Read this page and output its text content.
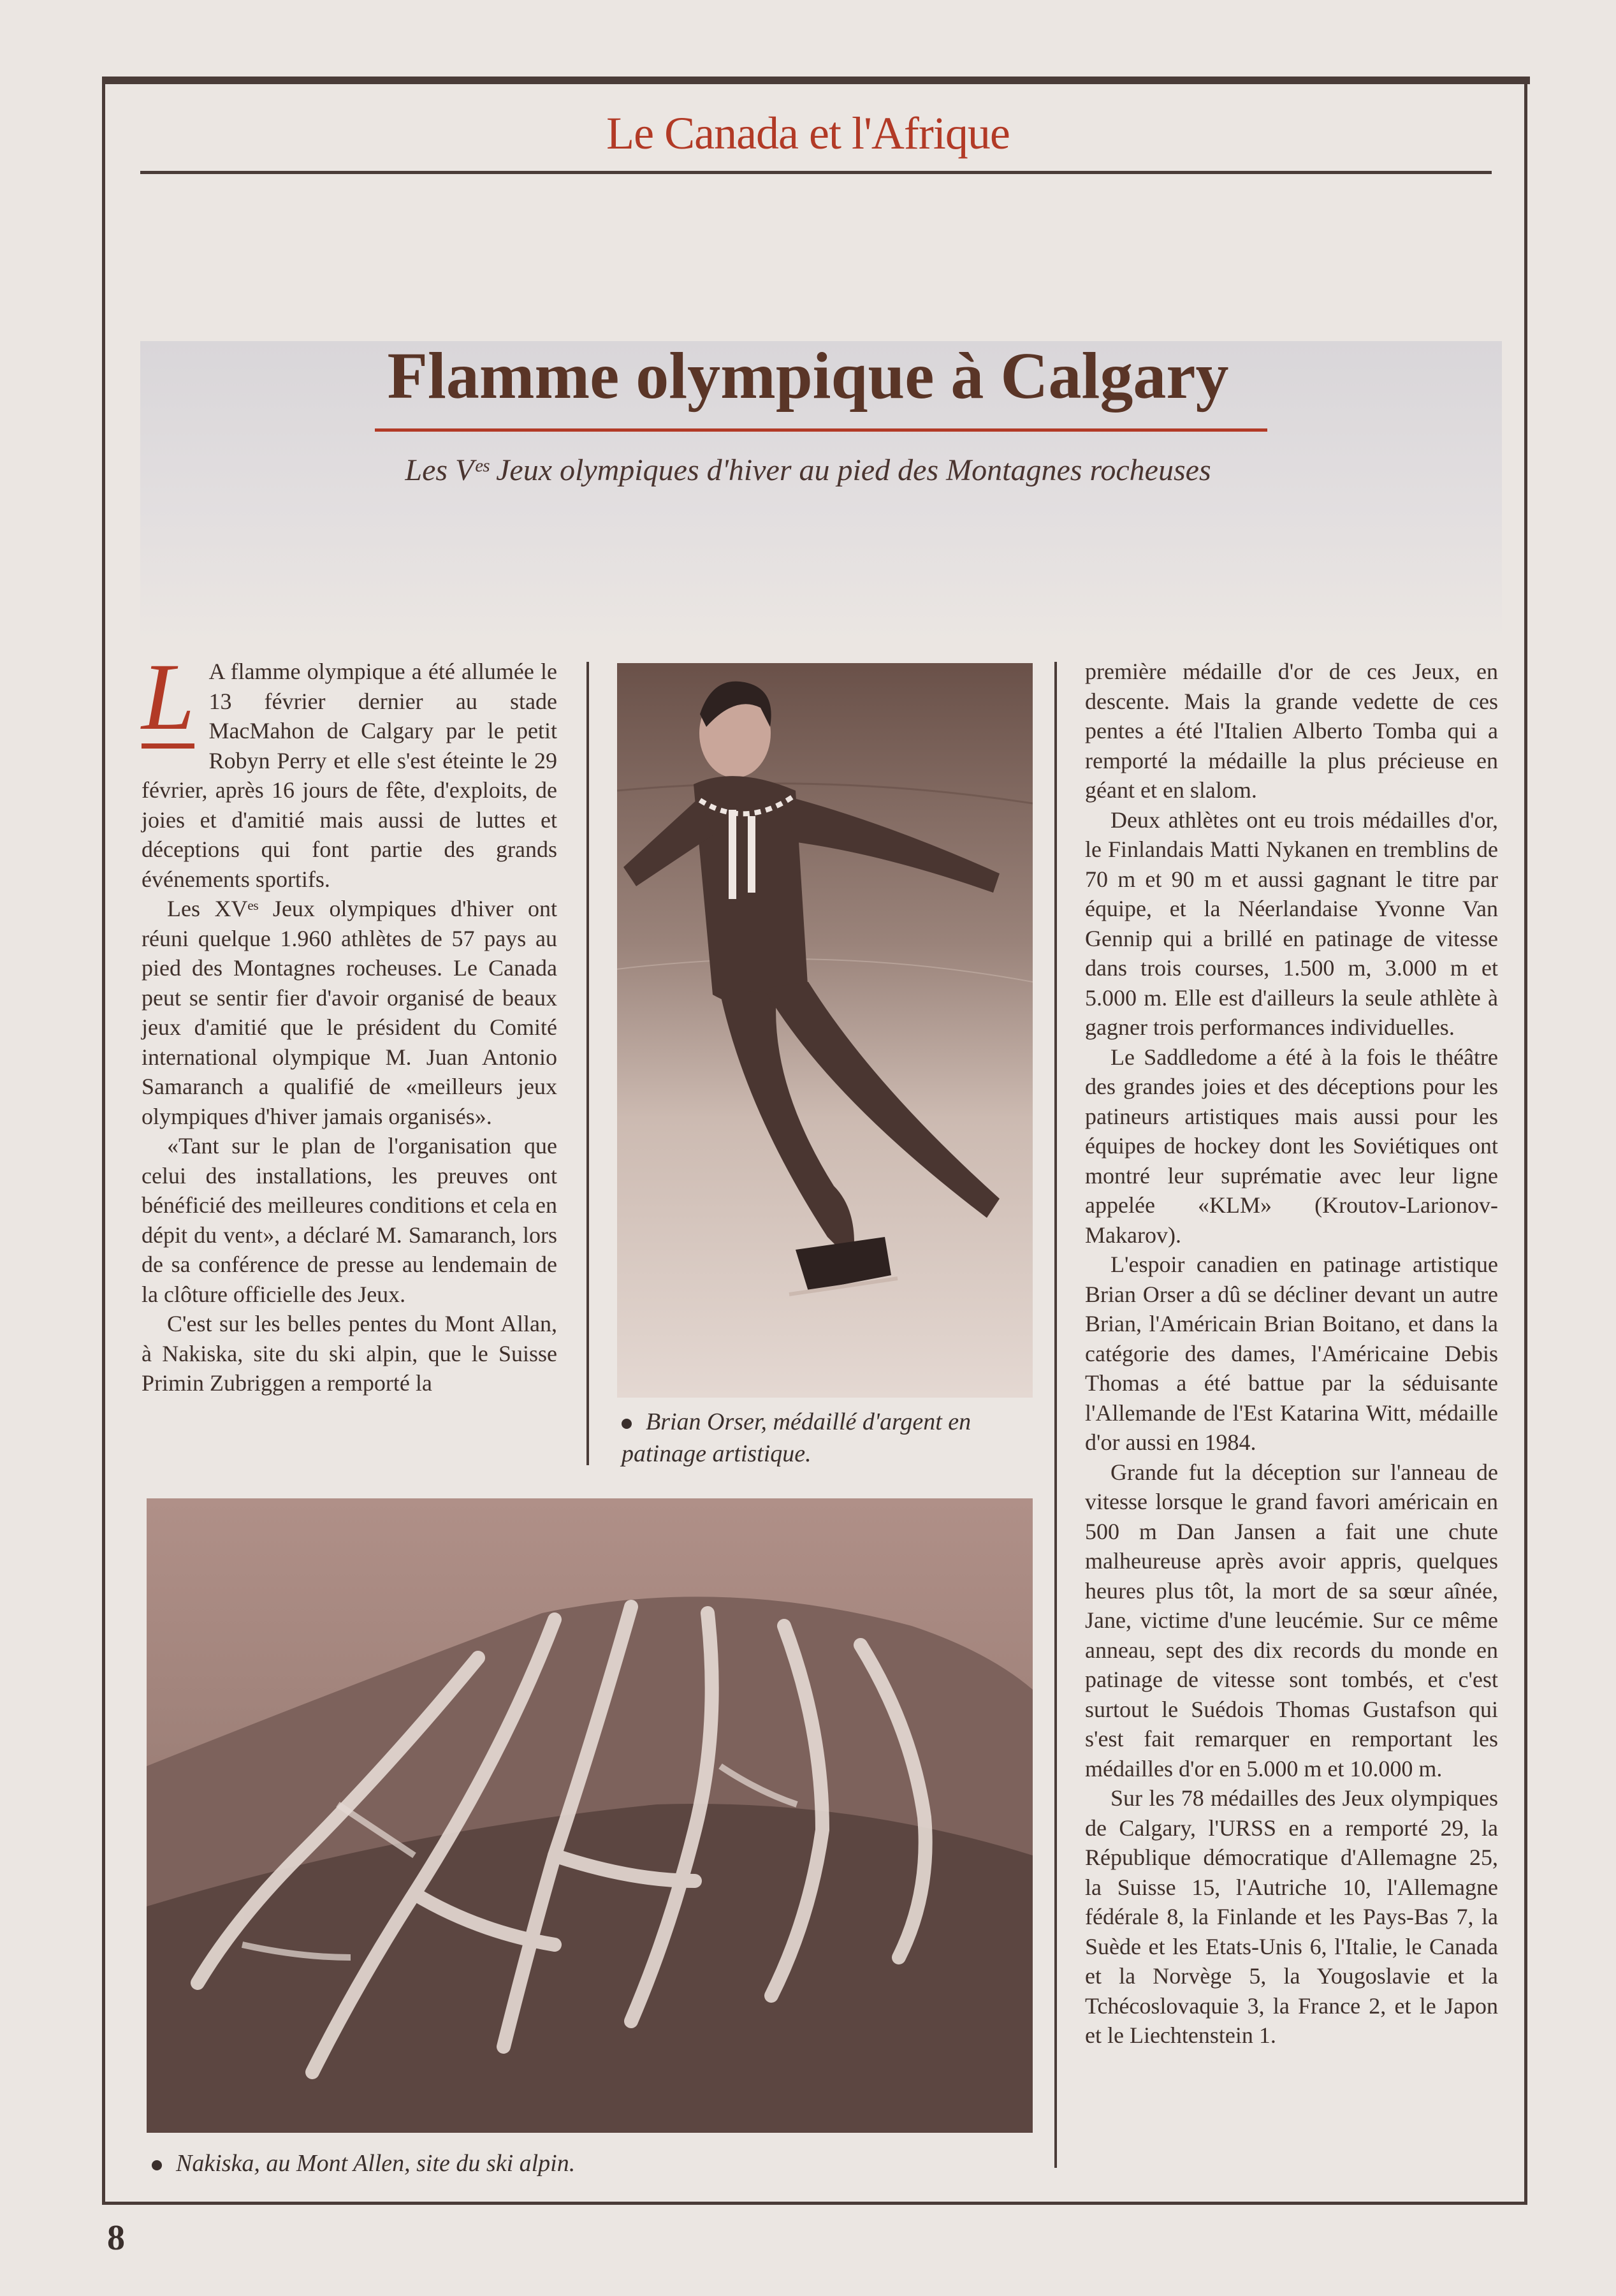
Le Canada et l'Afrique
Flamme olympique à Calgary
Les Vᵉˢ Jeux olympiques d'hiver au pied des Montagnes rocheuses

L A flamme olympique a été allumée le 13 février dernier au stade MacMahon de Calgary par le petit Robyn Perry et elle s'est éteinte le 29 février, après 16 jours de fête, d'exploits, de joies et d'amitié mais aussi de luttes et déceptions qui font partie des grands événements sportifs.

Les XVᵉˢ Jeux olympiques d'hiver ont réuni quelque 1.960 athlètes de 57 pays au pied des Montagnes rocheuses. Le Canada peut se sentir fier d'avoir organisé de beaux jeux d'amitié que le président du Comité international olympique M. Juan Antonio Samaranch a qualifié de «meilleurs jeux olympiques d'hiver jamais organisés».

«Tant sur le plan de l'organisation que celui des installations, les preuves ont bénéficié des meilleures conditions et cela en dépit du vent», a déclaré M. Samaranch, lors de sa conférence de presse au lendemain de la clôture officielle des Jeux.

C'est sur les belles pentes du Mont Allan, à Nakiska, site du ski alpin, que le Suisse Primin Zubriggen a remporté la

Brian Orser, médaillé d'argent en patinage artistique.

première médaille d'or de ces Jeux, en descente. Mais la grande vedette de ces pentes a été l'Italien Alberto Tomba qui a remporté la médaille la plus précieuse en géant et en slalom.

Deux athlètes ont eu trois médailles d'or, le Finlandais Matti Nykanen en tremblins de 70 m et 90 m et aussi gagnant le titre par équipe, et la Néerlandaise Yvonne Van Gennip qui a brillé en patinage de vitesse dans trois courses, 1.500 m, 3.000 m et 5.000 m. Elle est d'ailleurs la seule athlète à gagner trois performances individuelles.

Le Saddledome a été à la fois le théâtre des grandes joies et des déceptions pour les patineurs artistiques mais aussi pour les équipes de hockey dont les Soviétiques ont montré leur suprématie avec leur ligne appelée «KLM» (Kroutov-Larionov-Makarov).

L'espoir canadien en patinage artistique Brian Orser a dû se décliner devant un autre Brian, l'Américain Brian Boitano, et dans la catégorie des dames, l'Américaine Debis Thomas a été battue par la séduisante l'Allemande de l'Est Katarina Witt, médaille d'or aussi en 1984.

Grande fut la déception sur l'anneau de vitesse lorsque le grand favori américain en 500 m Dan Jansen a fait une chute malheureuse après avoir appris, quelques heures plus tôt, la mort de sa sœur aînée, Jane, victime d'une leucémie. Sur ce même anneau, sept des dix records du monde en patinage de vitesse sont tombés, et c'est surtout le Suédois Thomas Gustafson qui s'est fait remarquer en remportant les médailles d'or en 5.000 m et 10.000 m.

Sur les 78 médailles des Jeux olympiques de Calgary, l'URSS en a remporté 29, la République démocratique d'Allemagne 25, la Suisse 15, l'Autriche 10, l'Allemagne fédérale 8, la Finlande et les Pays-Bas 7, la Suède et les Etats-Unis 6, l'Italie, le Canada et la Norvège 5, la Yougoslavie et la Tchécoslovaquie 3, la France 2, et le Japon et le Liechtenstein 1.

Nakiska, au Mont Allen, site du ski alpin.
8
